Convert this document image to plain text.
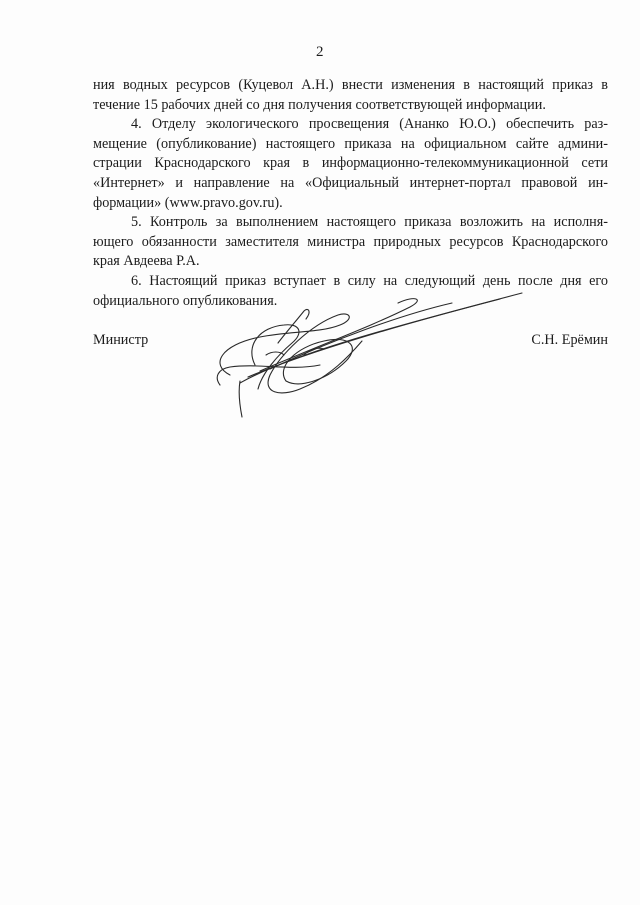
2
ния водных ресурсов (Куцевол А.Н.) внести изменения в настоящий приказ в
течение 15 рабочих дней со дня получения соответствующей информации.
4. Отделу экологического просвещения (Ананко Ю.О.) обеспечить раз-
мещение (опубликование) настоящего приказа на официальном сайте админи-
страции Краснодарского края в информационно-телекоммуникационной сети
«Интернет» и направление на «Официальный интернет-портал правовой ин-
формации» (www.pravo.gov.ru).
5. Контроль за выполнением настоящего приказа возложить на исполня-
ющего обязанности заместителя министра природных ресурсов Краснодарского
края Авдеева Р.А.
6. Настоящий приказ вступает в силу на следующий день после дня его
официального опубликования.
Министр	С.Н. Ерёмин
